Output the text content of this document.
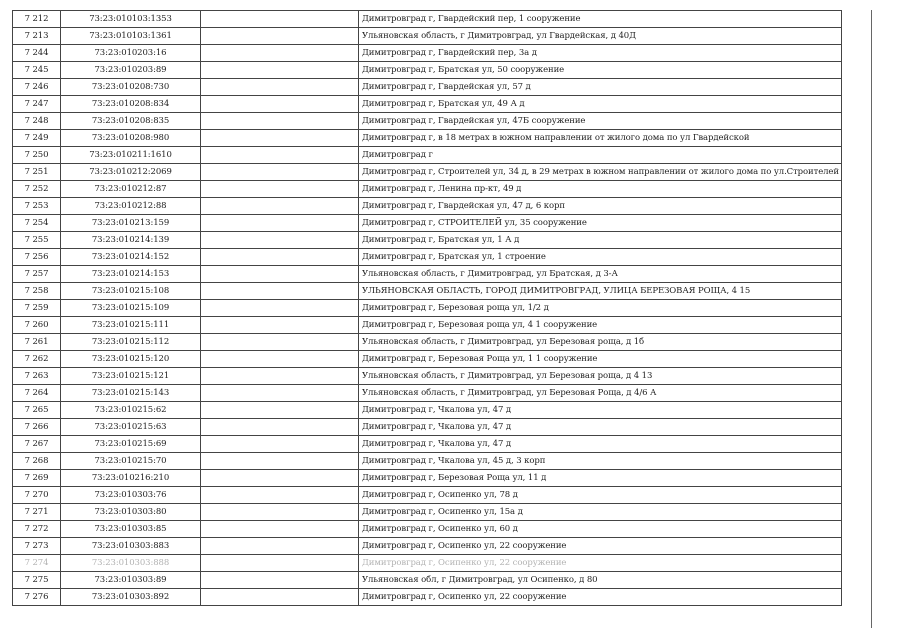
7 212	73:23:010103:1353		Димитровград г, Гвардейский пер, 1 сооружение
7 213	73:23:010103:1361		Ульяновская область, г Димитровград, ул Гвардейская, д 40Д
7 244	73:23:010203:16		Димитровград г, Гвардейский пер, 3а д
7 245	73:23:010203:89		Димитровград г, Братская ул, 50 сооружение
7 246	73:23:010208:730		Димитровград г, Гвардейская ул, 57 д
7 247	73:23:010208:834		Димитровград г, Братская ул, 49 А д
7 248	73:23:010208:835		Димитровград г, Гвардейская ул, 47Б сооружение
7 249	73:23:010208:980		Димитровград г, в 18 метрах в южном направлении от жилого дома по ул Гвардейской
7 250	73:23:010211:1610		Димитровград г
7 251	73:23:010212:2069		Димитровград г, Строителей ул, 34 д, в 29 метрах в южном направлении от жилого дома по ул.Строителей
7 252	73:23:010212:87		Димитровград г, Ленина пр-кт, 49 д
7 253	73:23:010212:88		Димитровград г, Гвардейская ул, 47 д, 6 корп
7 254	73:23:010213:159		Димитровград г, СТРОИТЕЛЕЙ ул, 35 сооружение
7 255	73:23:010214:139		Димитровград г, Братская ул, 1 А д
7 256	73:23:010214:152		Димитровград г, Братская ул, 1 строение
7 257	73:23:010214:153		Ульяновская область, г Димитровград, ул Братская, д 3-А
7 258	73:23:010215:108		УЛЬЯНОВСКАЯ ОБЛАСТЬ, ГОРОД ДИМИТРОВГРАД, УЛИЦА БЕРЕЗОВАЯ РОЩА, 4 15
7 259	73:23:010215:109		Димитровград г, Березовая роща ул, 1/2 д
7 260	73:23:010215:111		Димитровград г, Березовая роща ул, 4 1 сооружение
7 261	73:23:010215:112		Ульяновская область, г Димитровград, ул Березовая роща, д 1б
7 262	73:23:010215:120		Димитровград г, Березовая Роща ул, 1 1 сооружение
7 263	73:23:010215:121		Ульяновская область, г Димитровград, ул Березовая роща, д 4 13
7 264	73:23:010215:143		Ульяновская область, г Димитровград, ул Березовая Роща, д 4/6 А
7 265	73:23:010215:62		Димитровград г, Чкалова ул, 47 д
7 266	73:23:010215:63		Димитровград г, Чкалова ул, 47 д
7 267	73:23:010215:69		Димитровград г, Чкалова ул, 47 д
7 268	73:23:010215:70		Димитровград г, Чкалова ул, 45 д, 3 корп
7 269	73:23:010216:210		Димитровград г, Березовая Роща ул, 11 д
7 270	73:23:010303:76		Димитровград г, Осипенко ул, 78 д
7 271	73:23:010303:80		Димитровград г, Осипенко ул, 15а д
7 272	73:23:010303:85		Димитровград г, Осипенко ул, 60 д
7 273	73:23:010303:883		Димитровград г, Осипенко ул, 22 сооружение
7 274	73:23:010303:888		Димитровград г, Осипенко ул, 22 сооружение
7 275	73:23:010303:89		Ульяновская обл, г Димитровград, ул Осипенко, д 80
7 276	73:23:010303:892		Димитровград г, Осипенко ул, 22 сооружение
